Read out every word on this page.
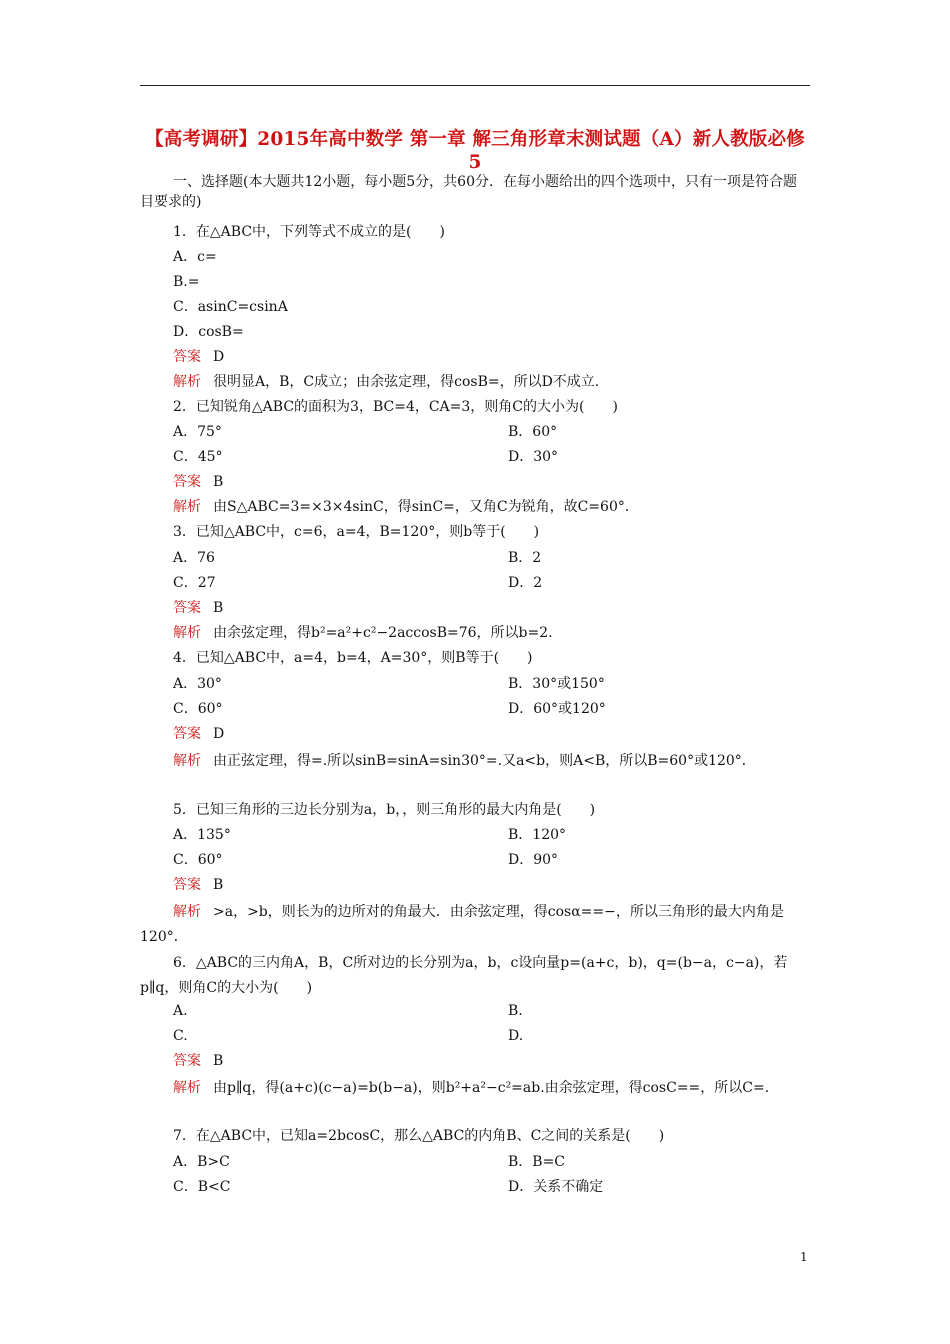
【高考调研】2015年高中数学 第一章 解三角形章末测试题（A）新人教版必修5
一、选择题(本大题共12小题，每小题5分，共60分．在每小题给出的四个选项中，只有一项是符合题目要求的)
1．在△ABC中，下列等式不成立的是(　　)
A．c=
B.=
C．asinC=csinA
D．cosB=
答案 D
解析 很明显A，B，C成立；由余弦定理，得cosB=，所以D不成立.
2．已知锐角△ABC的面积为3，BC=4，CA=3，则角C的大小为(　　)
A．75°	B．60°
C．45°	D．30°
答案 B
解析 由S△ABC=3=×3×4sinC，得sinC=，又角C为锐角，故C=60°．
3．已知△ABC中，c=6，a=4，B=120°，则b等于(　　)
A．76	B．2
C．27	D．2
答案 B
解析 由余弦定理，得b²=a²+c²−2accosB=76，所以b=2.
4．已知△ABC中，a=4，b=4，A=30°，则B等于(　　)
A．30°	B．30°或150°
C．60°	D．60°或120°
答案 D
解析 由正弦定理，得=.所以sinB=sinA=sin30°=.又a<b，则A<B，所以B=60°或120°．
5．已知三角形的三边长分别为a，b，，则三角形的最大内角是(　　)
A．135°	B．120°
C．60°	D．90°
答案 B
解析 >a，>b，则长为的边所对的角最大．由余弦定理，得cosα==−，所以三角形的最大内角是120°．
6．△ABC的三内角A，B，C所对边的长分别为a，b，c设向量p=(a+c，b)，q=(b−a，c−a)，若p∥q，则角C的大小为(　　)
A.	B.
C.	D.
答案 B
解析 由p∥q，得(a+c)(c−a)=b(b−a)，则b²+a²−c²=ab.由余弦定理，得cosC==，所以C=.
7．在△ABC中，已知a=2bcosC，那么△ABC的内角B、C之间的关系是(　　)
A．B>C	B．B=C
C．B<C	D．关系不确定
1
